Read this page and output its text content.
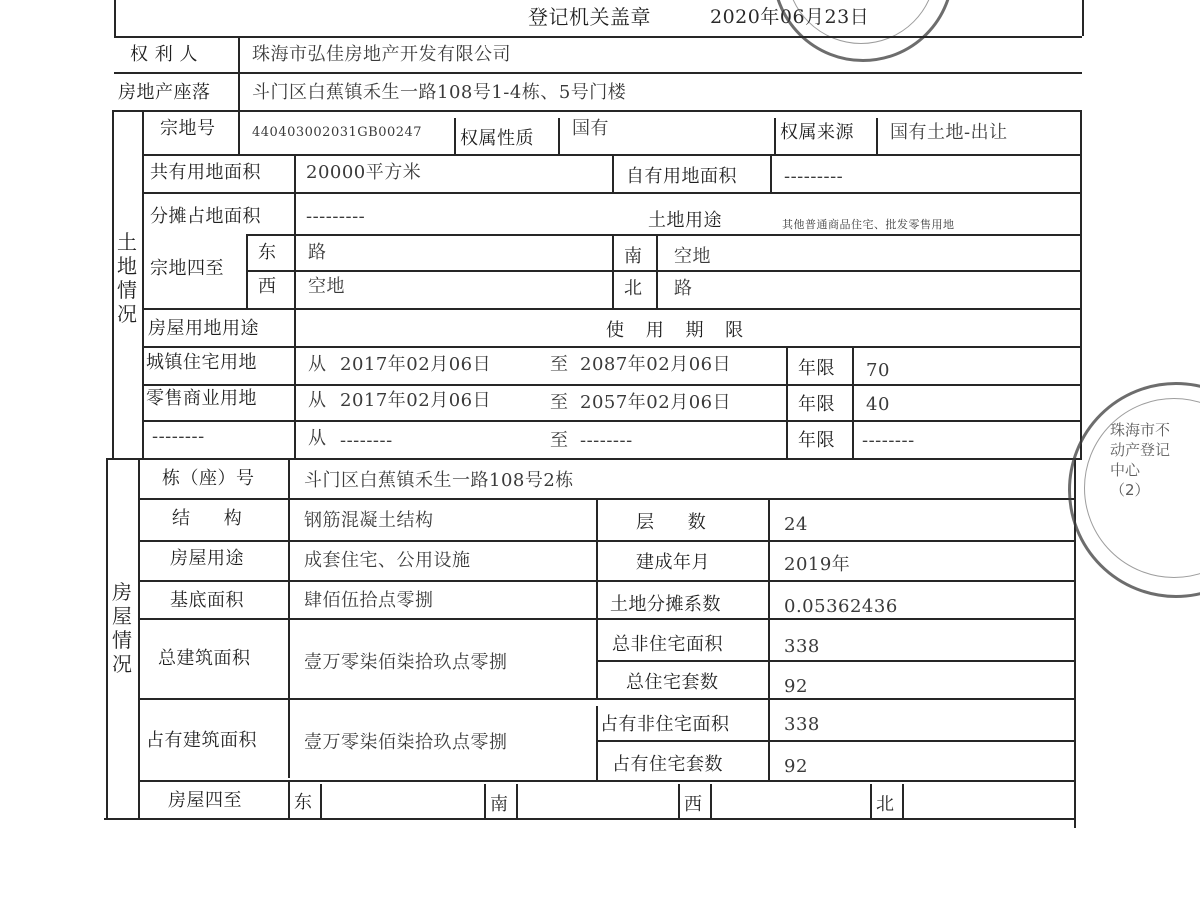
登记机关盖章	2020年06月23日
权 利 人	珠海市弘佳房地产开发有限公司
房地产座落 斗门区白蕉镇禾生一路108号1-4栋、5号门楼
土地情况
宗地号	440403002031GB00247 权属性质 国有	权属来源 国有土地-出让
共有用地面积	20000平方米	自有用地面积	---------
分摊占地面积	---------	土地用途	其他普通商品住宅、批发零售用地
宗地四至
东 路	南 空地
西 空地	北 路
房屋用地用途	使 用 期 限
城镇住宅用地	从 2017年02月06日	至 2087年02月06日	年限 70
零售商业用地	从 2017年02月06日	至 2057年02月06日	年限 40
--------	从 --------	至 --------	年限 --------
房屋情况
栋（座）号	斗门区白蕉镇禾生一路108号2栋
结 构	钢筋混凝土结构	层 数	24
房屋用途	成套住宅、公用设施	建成年月	2019年
基底面积	肆佰伍拾点零捌	土地分摊系数	0.05362436
总建筑面积	壹万零柒佰柒拾玖点零捌
总非住宅面积	338
总住宅套数	92
占有建筑面积	壹万零柒佰柒拾玖点零捌
占有非住宅面积	338
占有住宅套数	92
房屋四至	东	南	西	北
珠海市不动产登记中心（2）
